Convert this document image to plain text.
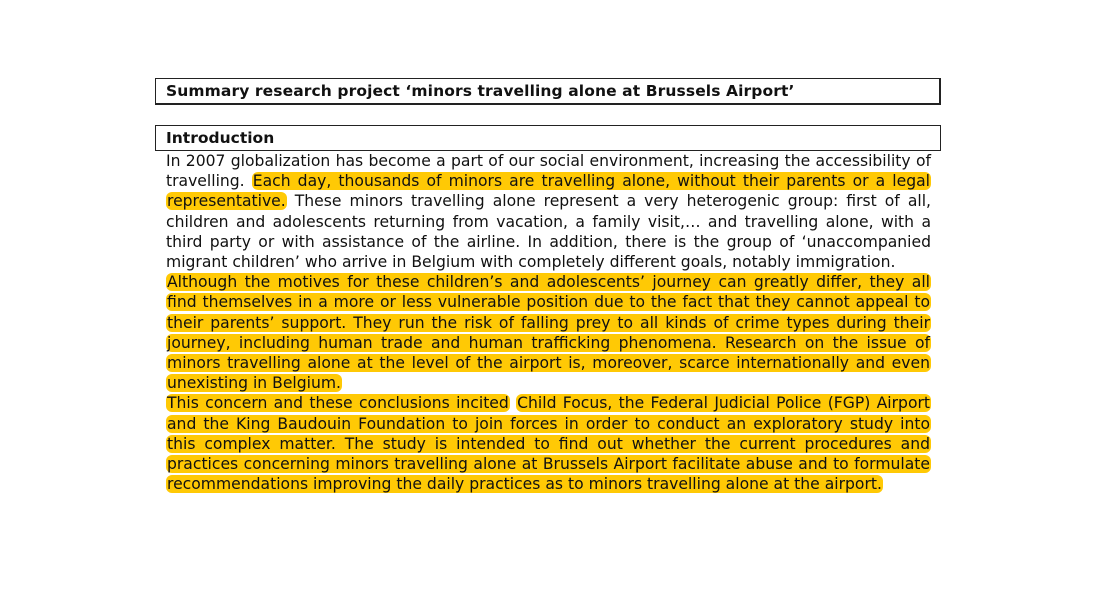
Summary research project ‘minors travelling alone at Brussels Airport’
Introduction

In 2007 globalization has become a part of our social environment, increasing the accessibility of travelling. Each day, thousands of minors are travelling alone, without their parents or a legal representative. These minors travelling alone represent a very heterogenic group: first of all, children and adolescents returning from vacation, a family visit,… and travelling alone, with a third party or with assistance of the airline. In addition, there is the group of ‘unaccompanied migrant children’ who arrive in Belgium with completely different goals, notably immigration.

Although the motives for these children’s and adolescents’ journey can greatly differ, they all find themselves in a more or less vulnerable position due to the fact that they cannot appeal to their parents’ support. They run the risk of falling prey to all kinds of crime types during their journey, including human trade and human trafficking phenomena. Research on the issue of minors travelling alone at the level of the airport is, moreover, scarce internationally and even unexisting in Belgium.

This concern and these conclusions incited Child Focus, the Federal Judicial Police (FGP) Airport and the King Baudouin Foundation to join forces in order to conduct an exploratory study into this complex matter. The study is intended to find out whether the current procedures and practices concerning minors travelling alone at Brussels Airport facilitate abuse and to formulate recommendations improving the daily practices as to minors travelling alone at the airport.
